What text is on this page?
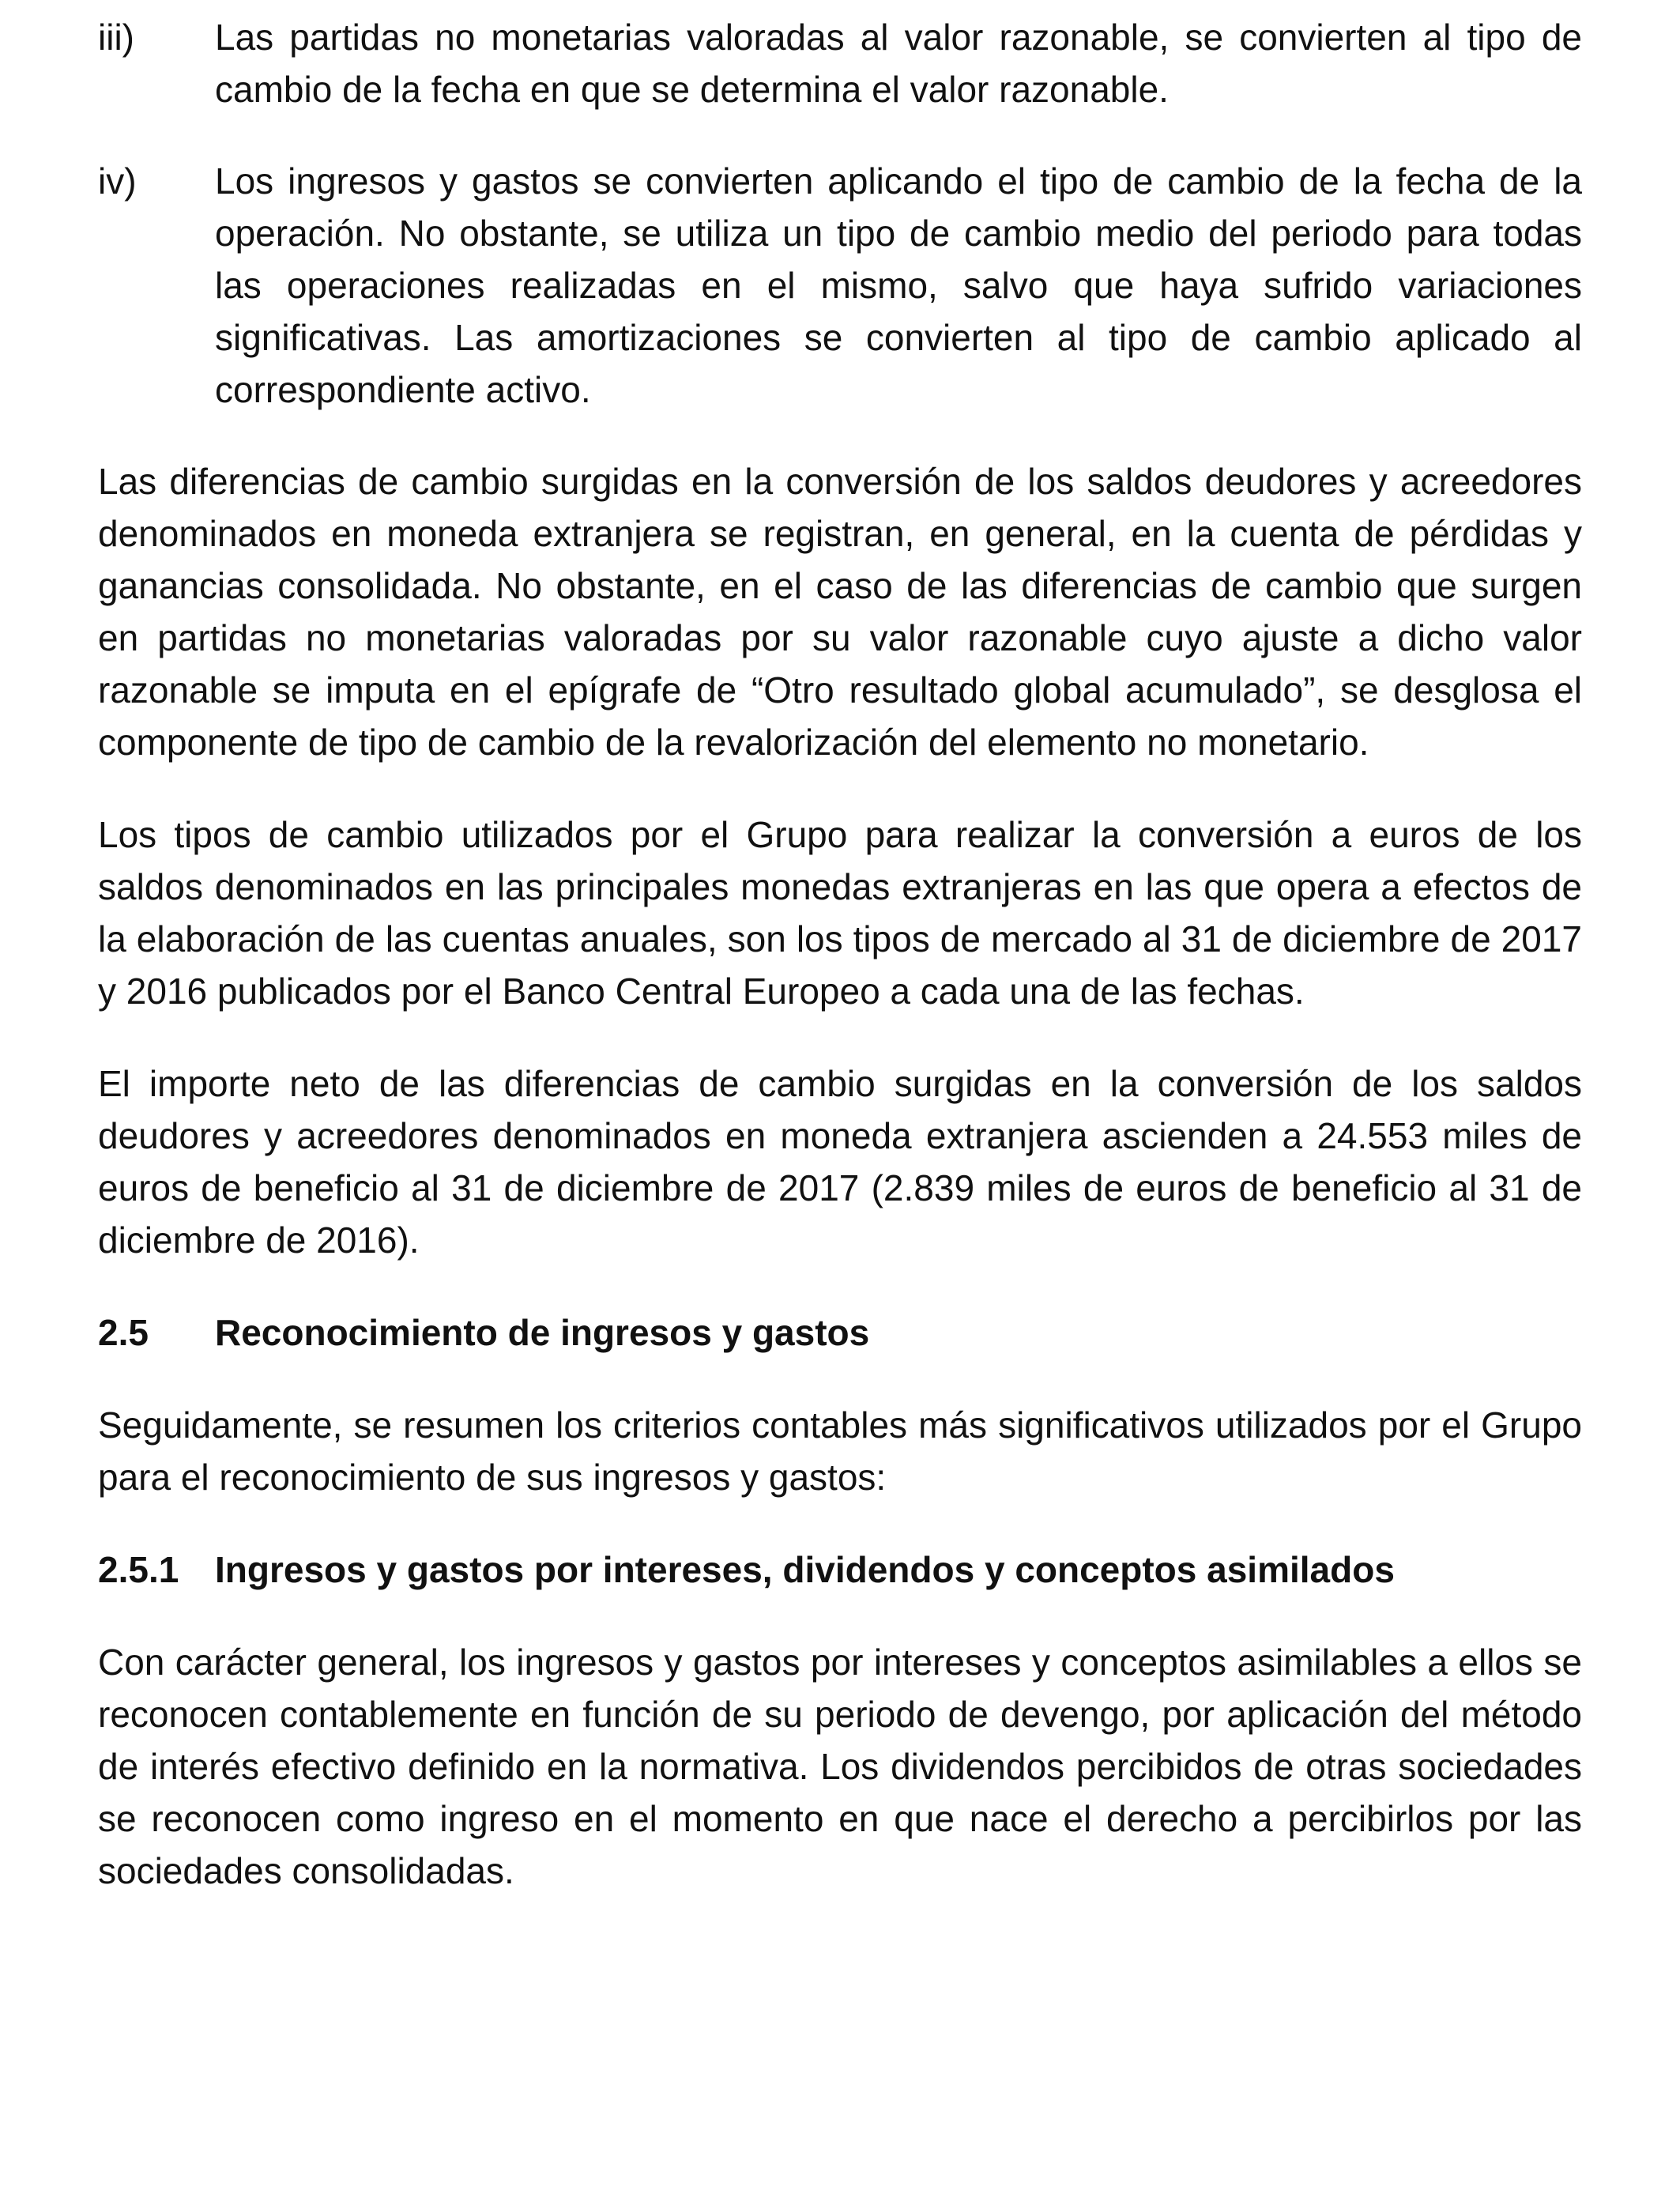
iii) Las partidas no monetarias valoradas al valor razonable, se convierten al tipo de cambio de la fecha en que se determina el valor razonable.
iv) Los ingresos y gastos se convierten aplicando el tipo de cambio de la fecha de la operación. No obstante, se utiliza un tipo de cambio medio del periodo para todas las operaciones realizadas en el mismo, salvo que haya sufrido variaciones significativas. Las amortizaciones se convierten al tipo de cambio aplicado al correspondiente activo.

Las diferencias de cambio surgidas en la conversión de los saldos deudores y acreedores denominados en moneda extranjera se registran, en general, en la cuenta de pérdidas y ganancias consolidada. No obstante, en el caso de las diferencias de cambio que surgen en partidas no monetarias valoradas por su valor razonable cuyo ajuste a dicho valor razonable se imputa en el epígrafe de “Otro resultado global acumulado”, se desglosa el componente de tipo de cambio de la revalorización del elemento no monetario.

Los tipos de cambio utilizados por el Grupo para realizar la conversión a euros de los saldos denominados en las principales monedas extranjeras en las que opera a efectos de la elaboración de las cuentas anuales, son los tipos de mercado al 31 de diciembre de 2017 y 2016 publicados por el Banco Central Europeo a cada una de las fechas.

El importe neto de las diferencias de cambio surgidas en la conversión de los saldos deudores y acreedores denominados en moneda extranjera ascienden a 24.553 miles de euros de beneficio al 31 de diciembre de 2017 (2.839 miles de euros de beneficio al 31 de diciembre de 2016).

2.5 Reconocimiento de ingresos y gastos

Seguidamente, se resumen los criterios contables más significativos utilizados por el Grupo para el reconocimiento de sus ingresos y gastos:

2.5.1 Ingresos y gastos por intereses, dividendos y conceptos asimilados

Con carácter general, los ingresos y gastos por intereses y conceptos asimilables a ellos se reconocen contablemente en función de su periodo de devengo, por aplicación del método de interés efectivo definido en la normativa. Los dividendos percibidos de otras sociedades se reconocen como ingreso en el momento en que nace el derecho a percibirlos por las sociedades consolidadas.
